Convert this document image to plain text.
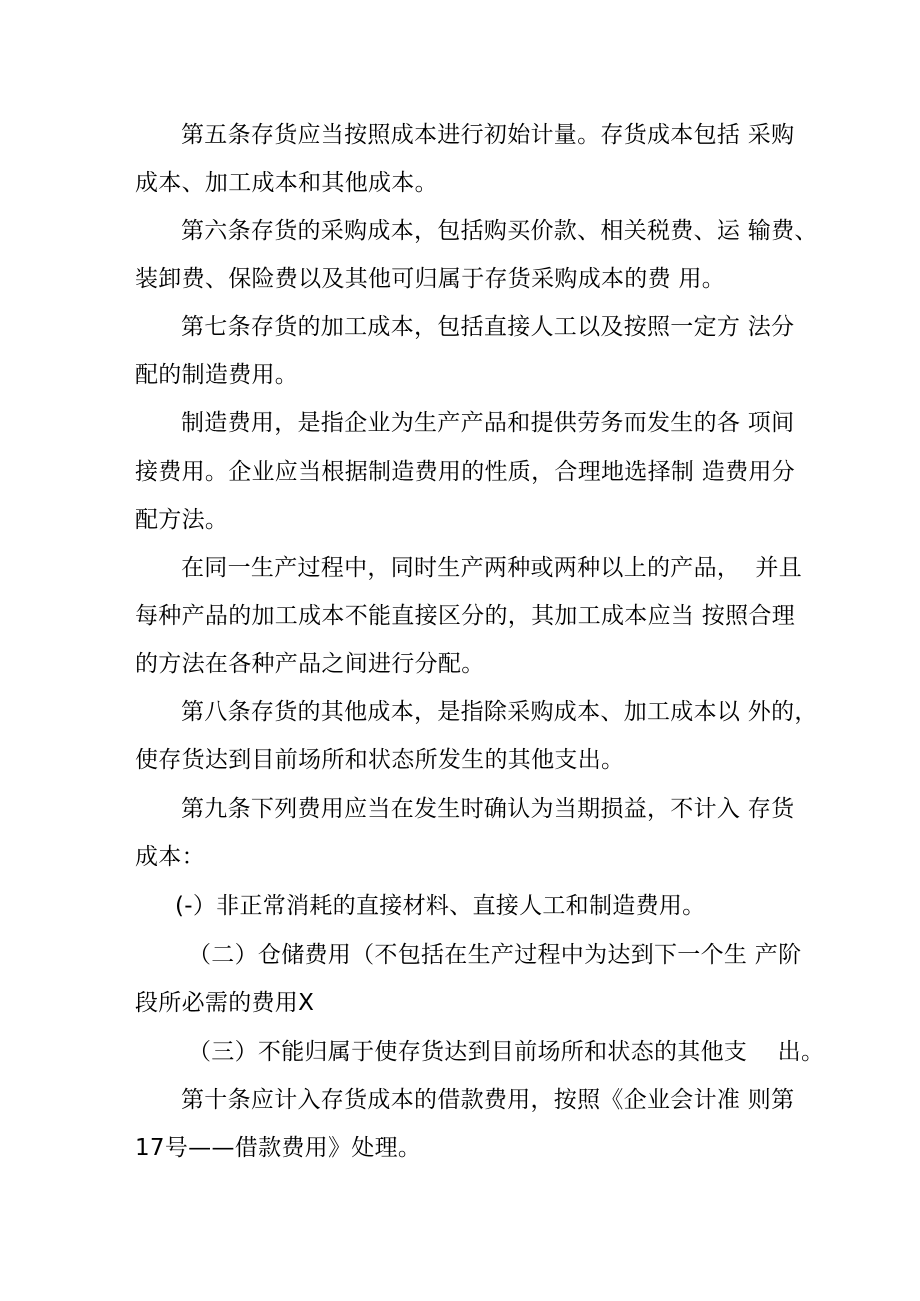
第五条存货应当按照成本进行初始计量。存货成本包括 采购
成本、加工成本和其他成本。
第六条存货的采购成本，包括购买价款、相关税费、运 输费、
装卸费、保险费以及其他可归属于存货采购成本的费 用。
第七条存货的加工成本，包括直接人工以及按照一定方 法分
配的制造费用。
制造费用，是指企业为生产产品和提供劳务而发生的各 项间
接费用。企业应当根据制造费用的性质，合理地选择制 造费用分
配方法。
在同一生产过程中，同时生产两种或两种以上的产品，  并且
每种产品的加工成本不能直接区分的，其加工成本应当 按照合理
的方法在各种产品之间进行分配。
第八条存货的其他成本，是指除采购成本、加工成本以 外的，
使存货达到目前场所和状态所发生的其他支出。
第九条下列费用应当在发生时确认为当期损益，不计入 存货
成本：
(-）非正常消耗的直接材料、直接人工和制造费用。
（二）仓储费用（不包括在生产过程中为达到下一个生 产阶
段所必需的费用X
（三）不能归属于使存货达到目前场所和状态的其他支    出。
第十条应计入存货成本的借款费用，按照《企业会计准 则第
17号——借款费用》处理。
